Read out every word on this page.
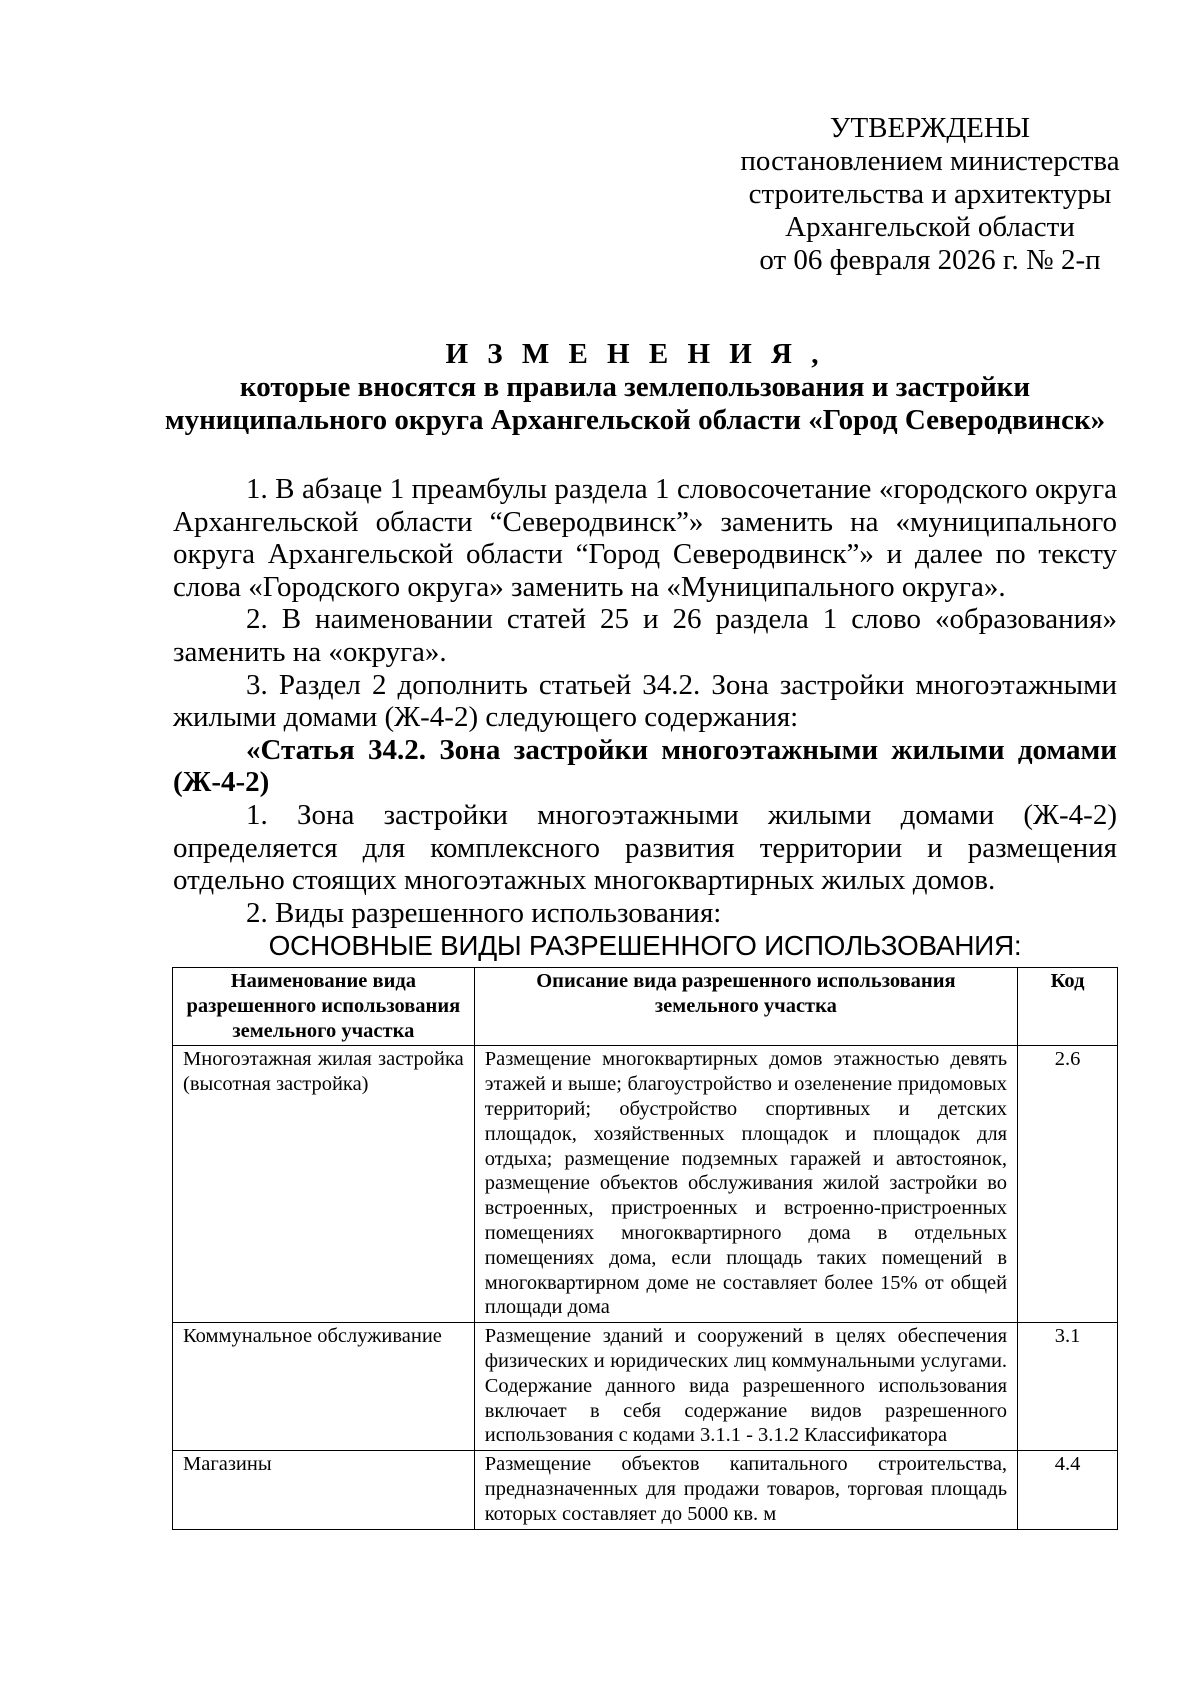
УТВЕРЖДЕНЫ
постановлением министерства
строительства и архитектуры
Архангельской области
от 06 февраля 2026 г. № 2-п
И З М Е Н Е Н И Я ,
которые вносятся в правила землепользования и застройки
муниципального округа Архангельской области «Город Северодвинск»

1. В абзаце 1 преамбулы раздела 1 словосочетание «городского округа Архангельской области “Северодвинск”» заменить на «муниципального округа Архангельской области “Город Северодвинск”» и далее по тексту слова «Городского округа» заменить на «Муниципального округа».

2. В наименовании статей 25 и 26 раздела 1 слово «образования» заменить на «округа».

3. Раздел 2 дополнить статьей 34.2. Зона застройки многоэтажными жилыми домами (Ж-4-2) следующего содержания:

«Статья 34.2. Зона застройки многоэтажными жилыми домами (Ж-4-2)

1. Зона застройки многоэтажными жилыми домами (Ж-4-2) определяется для комплексного развития территории и размещения отдельно стоящих многоэтажных многоквартирных жилых домов.

2. Виды разрешенного использования:

ОСНОВНЫЕ ВИДЫ РАЗРЕШЕННОГО ИСПОЛЬЗОВАНИЯ:

Наименование вида разрешенного использования земельного участка	Описание вида разрешенного использования земельного участка	Код
Многоэтажная жилая застройка (высотная застройка)	Размещение многоквартирных домов этажностью девять этажей и выше; благоустройство и озеленение придомовых территорий; обустройство спортивных и детских площадок, хозяйственных площадок и площадок для отдыха; размещение подземных гаражей и автостоянок, размещение объектов обслуживания жилой застройки во встроенных, пристроенных и встроенно-пристроенных помещениях многоквартирного дома в отдельных помещениях дома, если площадь таких помещений в многоквартирном доме не составляет более 15% от общей площади дома	2.6
Коммунальное обслуживание	Размещение зданий и сооружений в целях обеспечения физических и юридических лиц коммунальными услугами. Содержание данного вида разрешенного использования включает в себя содержание видов разрешенного использования с кодами 3.1.1 - 3.1.2 Классификатора	3.1
Магазины	Размещение объектов капитального строительства, предназначенных для продажи товаров, торговая площадь которых составляет до 5000 кв. м	4.4
